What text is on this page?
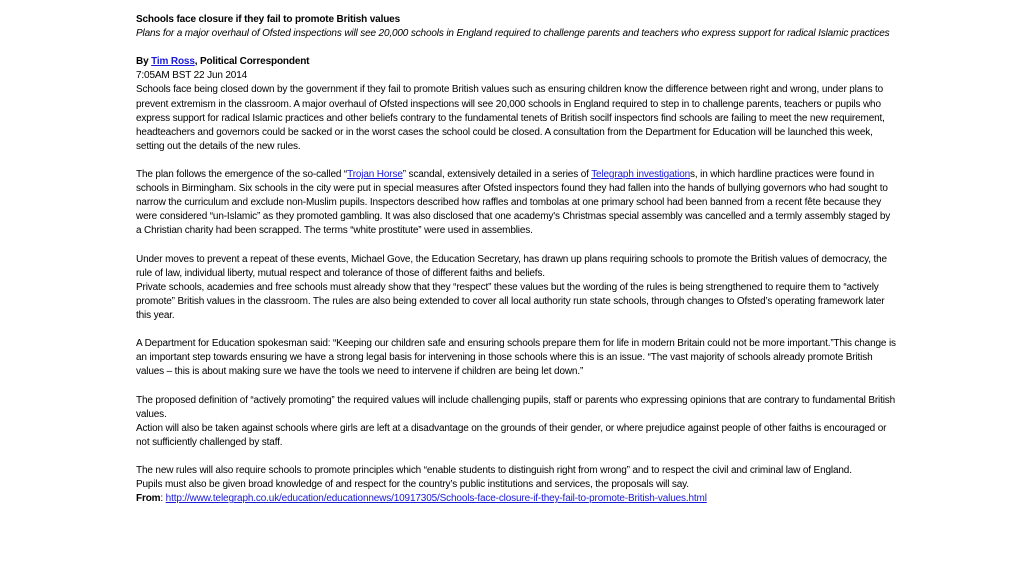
Schools face closure if they fail to promote British values

Plans for a major overhaul of Ofsted inspections will see 20,000 schools in England required to challenge parents and teachers who express support for radical Islamic practices

By Tim Ross, Political Correspondent

7:05AM BST 22 Jun 2014

Schools face being closed down by the government if they fail to promote British values such as ensuring children know the difference between right and wrong, under plans to prevent extremism in the classroom. A major overhaul of Ofsted inspections will see 20,000 schools in England required to step in to challenge parents, teachers or pupils who express support for radical Islamic practices and other beliefs contrary to the fundamental tenets of British socilf inspectors find schools are failing to meet the new requirement, headteachers and governors could be sacked or in the worst cases the school could be closed. A consultation from the Department for Education will be launched this week, setting out the details of the new rules.

The plan follows the emergence of the so-called “Trojan Horse” scandal, extensively detailed in a series of Telegraph investigations, in which hardline practices were found in schools in Birmingham. Six schools in the city were put in special measures after Ofsted inspectors found they had fallen into the hands of bullying governors who had sought to narrow the curriculum and exclude non-Muslim pupils. Inspectors described how raffles and tombolas at one primary school had been banned from a recent fête because they were considered “un-Islamic” as they promoted gambling. It was also disclosed that one academy's Christmas special assembly was cancelled and a termly assembly staged by a Christian charity had been scrapped. The terms “white prostitute” were used in assemblies.

Under moves to prevent a repeat of these events, Michael Gove, the Education Secretary, has drawn up plans requiring schools to promote the British values of democracy, the rule of law, individual liberty, mutual respect and tolerance of those of different faiths and beliefs.

Private schools, academies and free schools must already show that they “respect” these values but the wording of the rules is being strengthened to require them to “actively promote” British values in the classroom. The rules are also being extended to cover all local authority run state schools, through changes to Ofsted’s operating framework later this year.

A Department for Education spokesman said: “Keeping our children safe and ensuring schools prepare them for life in modern Britain could not be more important.”This change is an important step towards ensuring we have a strong legal basis for intervening in those schools where this is an issue. “The vast majority of schools already promote British values – this is about making sure we have the tools we need to intervene if children are being let down.”

The proposed definition of “actively promoting” the required values will include challenging pupils, staff or parents who expressing opinions that are contrary to fundamental British values.

Action will also be taken against schools where girls are left at a disadvantage on the grounds of their gender, or where prejudice against people of other faiths is encouraged or not sufficiently challenged by staff.

The new rules will also require schools to promote principles which “enable students to distinguish right from wrong” and to respect the civil and criminal law of England.

Pupils must also be given broad knowledge of and respect for the country’s public institutions and services, the proposals will say.

From: http://www.telegraph.co.uk/education/educationnews/10917305/Schools-face-closure-if-they-fail-to-promote-British-values.html
